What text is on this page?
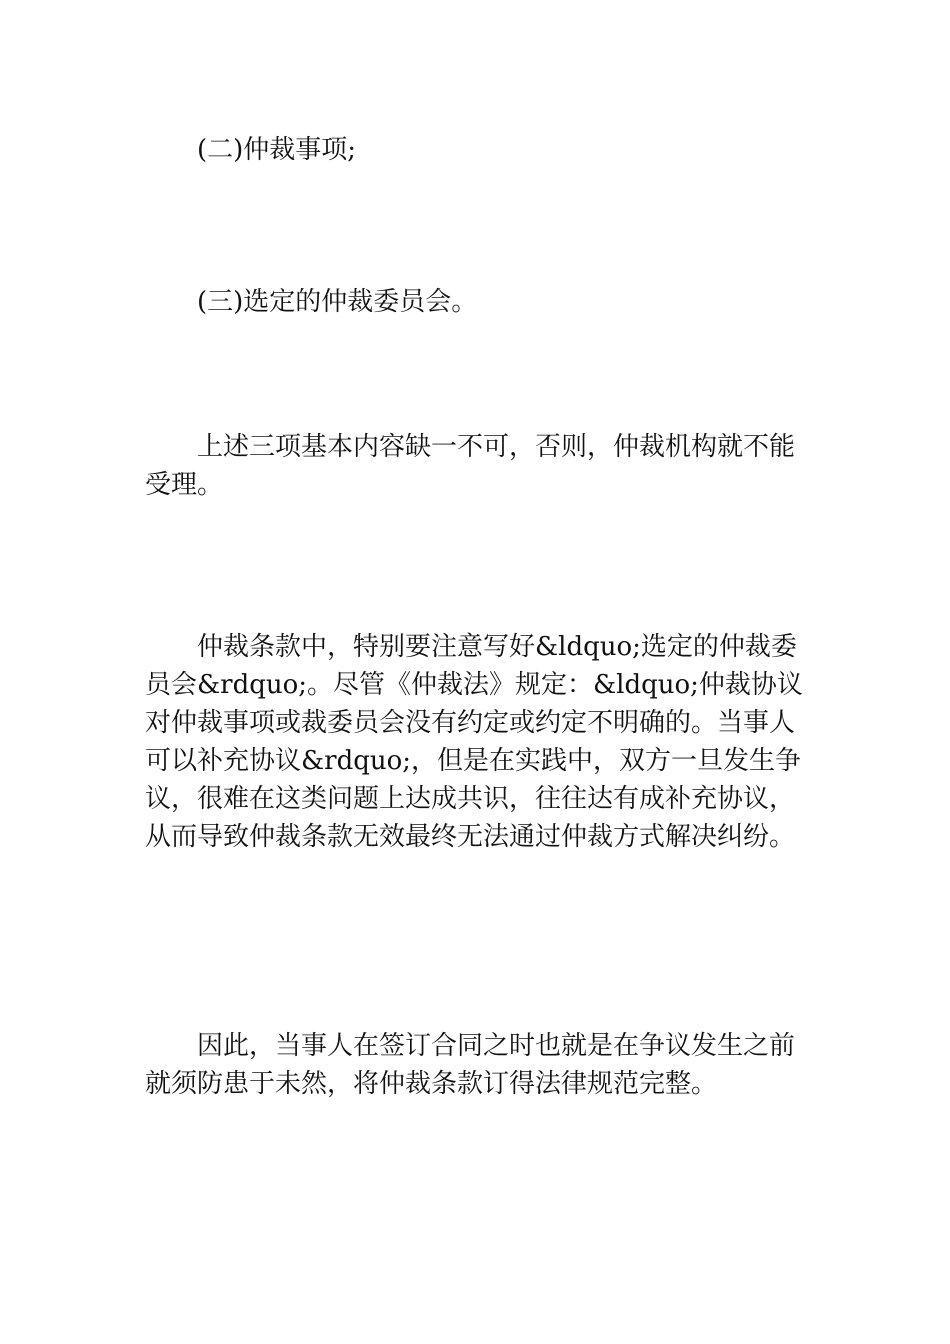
(二)仲裁事项;

(三)选定的仲裁委员会。

上述三项基本内容缺一不可，否则，仲裁机构就不能受理。

仲裁条款中，特别要注意写好&ldquo;选定的仲裁委员会&rdquo;。尽管《仲裁法》规定：&ldquo;仲裁协议对仲裁事项或裁委员会没有约定或约定不明确的。当事人可以补充协议&rdquo;，但是在实践中，双方一旦发生争议，很难在这类问题上达成共识，往往达有成补充协议，从而导致仲裁条款无效最终无法通过仲裁方式解决纠纷。

因此，当事人在签订合同之时也就是在争议发生之前就须防患于未然，将仲裁条款订得法律规范完整。
